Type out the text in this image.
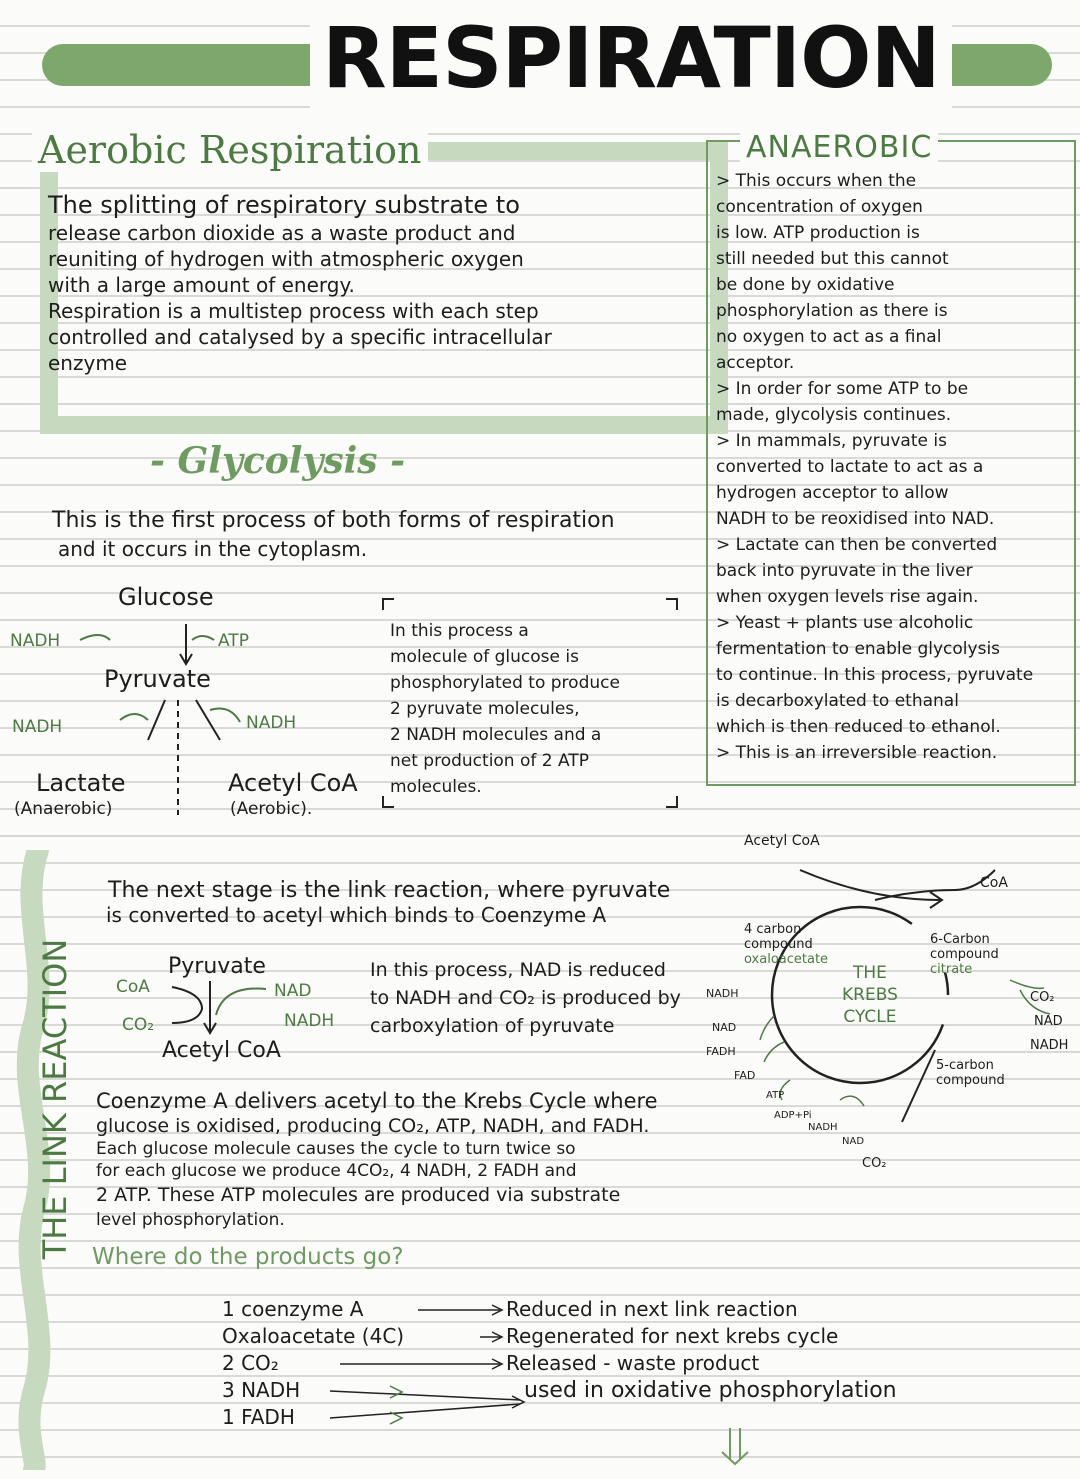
RESPIRATION
Aerobic Respiration
The splitting of respiratory substrate to
release carbon dioxide as a waste product and
reuniting of hydrogen with atmospheric oxygen
with a large amount of energy.
Respiration is a multistep process with each step
controlled and catalysed by a specific intracellular
enzyme
ANAEROBIC
> This occurs when the
concentration of oxygen
is low. ATP production is
still needed but this cannot
be done by oxidative
phosphorylation as there is
no oxygen to act as a final
acceptor.
> In order for some ATP to be
made, glycolysis continues.
> In mammals, pyruvate is
converted to lactate to act as a
hydrogen acceptor to allow
NADH to be reoxidised into NAD.
> Lactate can then be converted
back into pyruvate in the liver
when oxygen levels rise again.
> Yeast + plants use alcoholic
fermentation to enable glycolysis
to continue. In this process, pyruvate
is decarboxylated to ethanal
which is then reduced to ethanol.
> This is an irreversible reaction.
- Glycolysis -
This is the first process of both forms of respiration
and it occurs in the cytoplasm.
Glucose
NADH	ATP
Pyruvate
NADH	NADH
Lactate
(Anaerobic)
Acetyl CoA
(Aerobic).
In this process a
molecule of glucose is
phosphorylated to produce
2 pyruvate molecules,
2 NADH molecules and a
net production of 2 ATP
molecules.
THE LINK REACTION
The next stage is the link reaction, where pyruvate
is converted to acetyl which binds to Coenzyme A
Pyruvate
CoA
CO₂
NAD
NADH
Acetyl CoA
In this process, NAD is reduced
to NADH and CO₂ is produced by
carboxylation of pyruvate
Coenzyme A delivers acetyl to the Krebs Cycle where
glucose is oxidised, producing CO₂, ATP, NADH, and FADH.
Each glucose molecule causes the cycle to turn twice so
for each glucose we produce 4CO₂, 4 NADH, 2 FADH and
2 ATP. These ATP molecules are produced via substrate
level phosphorylation.
Where do the products go?
Acetyl CoA
CoA
4 carbon
compound
oxaloacetate
THE
KREBS
CYCLE
6-Carbon
compound
citrate
CO₂
NAD
NADH
5-carbon
compound
NADH
NAD
FADH
FAD
ATP
ADP+Pi
NADH
NAD
CO₂
1 coenzyme A
Oxaloacetate (4C)
2 CO₂
3 NADH
1 FADH
Reduced in next link reaction
Regenerated for next krebs cycle
Released - waste product
used in oxidative phosphorylation
